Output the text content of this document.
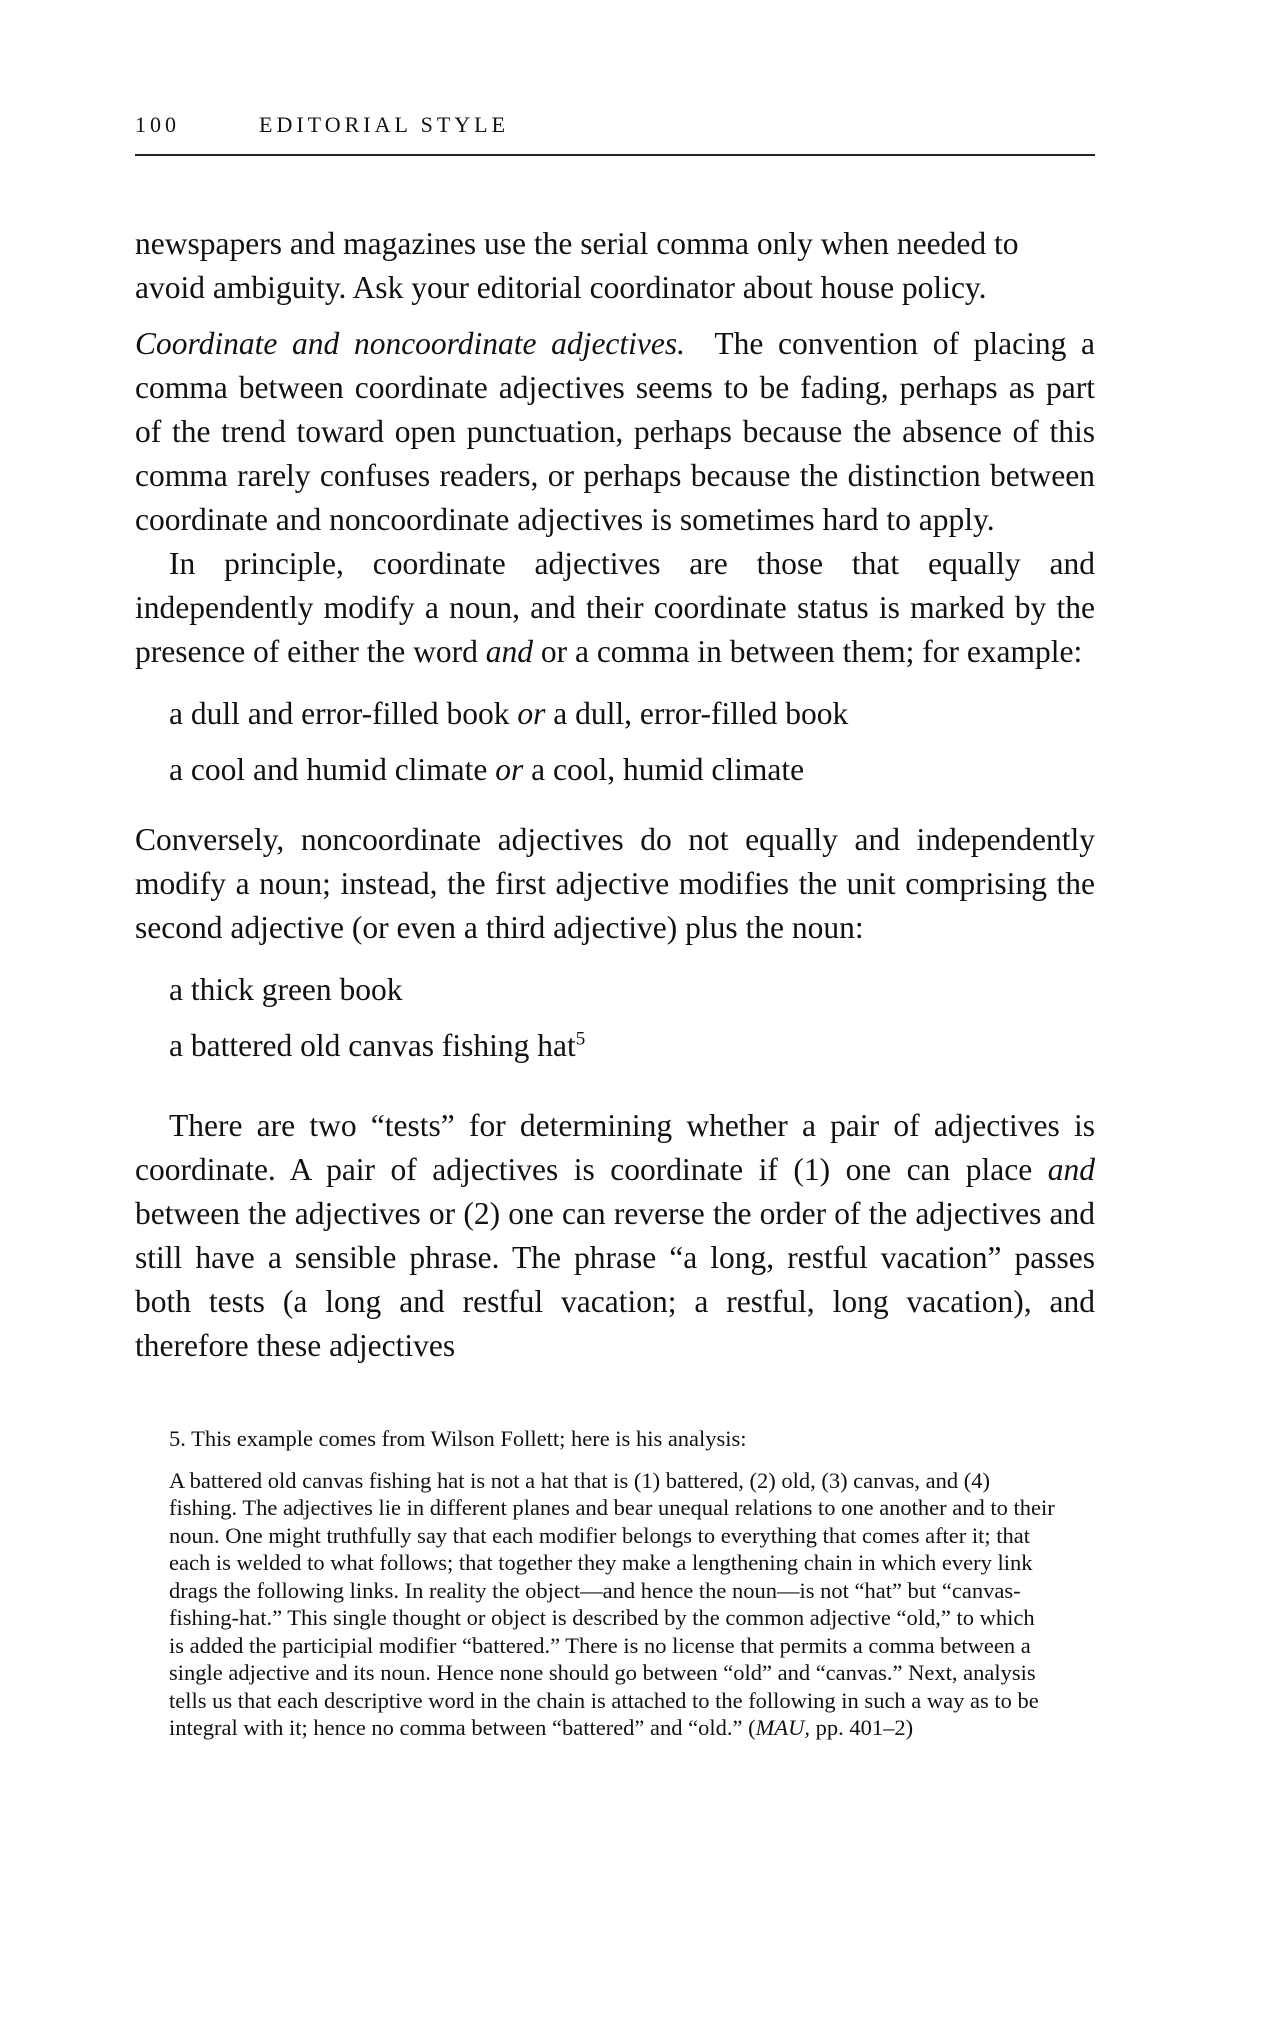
100	EDITORIAL STYLE

newspapers and magazines use the serial comma only when needed to avoid ambiguity. Ask your editorial coordinator about house policy.

Coordinate and noncoordinate adjectives. The convention of placing a comma between coordinate adjectives seems to be fading, perhaps as part of the trend toward open punctuation, perhaps because the absence of this comma rarely confuses readers, or perhaps because the distinction between coordinate and noncoordinate adjectives is sometimes hard to apply.

In principle, coordinate adjectives are those that equally and independently modify a noun, and their coordinate status is marked by the presence of either the word and or a comma in between them; for example:

a dull and error-filled book or a dull, error-filled book
a cool and humid climate or a cool, humid climate

Conversely, noncoordinate adjectives do not equally and independently modify a noun; instead, the first adjective modifies the unit comprising the second adjective (or even a third adjective) plus the noun:

a thick green book
a battered old canvas fishing hat$^5$

There are two “tests” for determining whether a pair of adjectives is coordinate. A pair of adjectives is coordinate if (1) one can place and between the adjectives or (2) one can reverse the order of the adjectives and still have a sensible phrase. The phrase “a long, restful vacation” passes both tests (a long and restful vacation; a restful, long vacation), and therefore these adjectives

5. This example comes from Wilson Follett; here is his analysis:

A battered old canvas fishing hat is not a hat that is (1) battered, (2) old, (3) canvas, and (4) fishing. The adjectives lie in different planes and bear unequal relations to one another and to their noun. One might truthfully say that each modifier belongs to everything that comes after it; that each is welded to what follows; that together they make a lengthening chain in which every link drags the following links. In reality the object—and hence the noun—is not “hat” but “canvas-fishing-hat.” This single thought or object is described by the common adjective “old,” to which is added the participial modifier “battered.” There is no license that permits a comma between a single adjective and its noun. Hence none should go between “old” and “canvas.” Next, analysis tells us that each descriptive word in the chain is attached to the following in such a way as to be integral with it; hence no comma between “battered” and “old.” (MAU, pp. 401–2)
